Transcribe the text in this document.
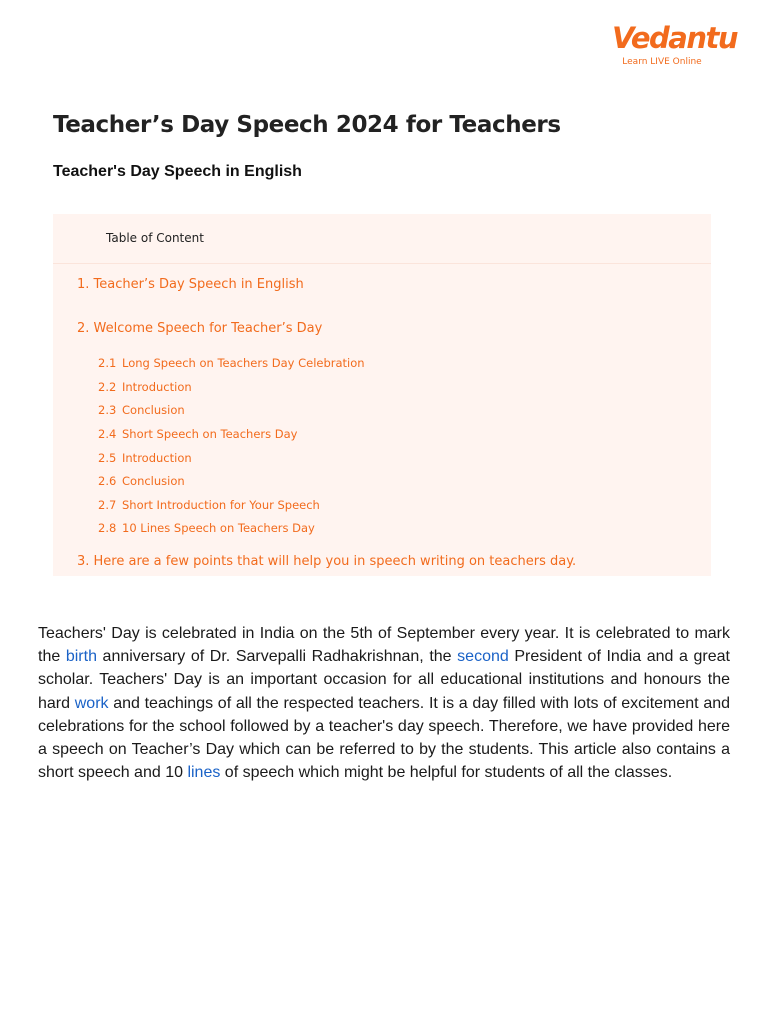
Vedantu
Learn LIVE Online
Teacher’s Day Speech 2024 for Teachers
Teacher's Day Speech in English
Table of Content
1. Teacher’s Day Speech in English
2. Welcome Speech for Teacher’s Day
2.1 Long Speech on Teachers Day Celebration
2.2 Introduction
2.3 Conclusion
2.4 Short Speech on Teachers Day
2.5 Introduction
2.6 Conclusion
2.7 Short Introduction for Your Speech
2.8 10 Lines Speech on Teachers Day
3. Here are a few points that will help you in speech writing on teachers day.

Teachers' Day is celebrated in India on the 5th of September every year. It is celebrated to mark the birth anniversary of Dr. Sarvepalli Radhakrishnan, the second President of India and a great scholar. Teachers' Day is an important occasion for all educational institutions and honours the hard work and teachings of all the respected teachers. It is a day filled with lots of excitement and celebrations for the school followed by a teacher's day speech. Therefore, we have provided here a speech on Teacher’s Day which can be referred to by the students. This article also contains a short speech and 10 lines of speech which might be helpful for students of all the classes.
